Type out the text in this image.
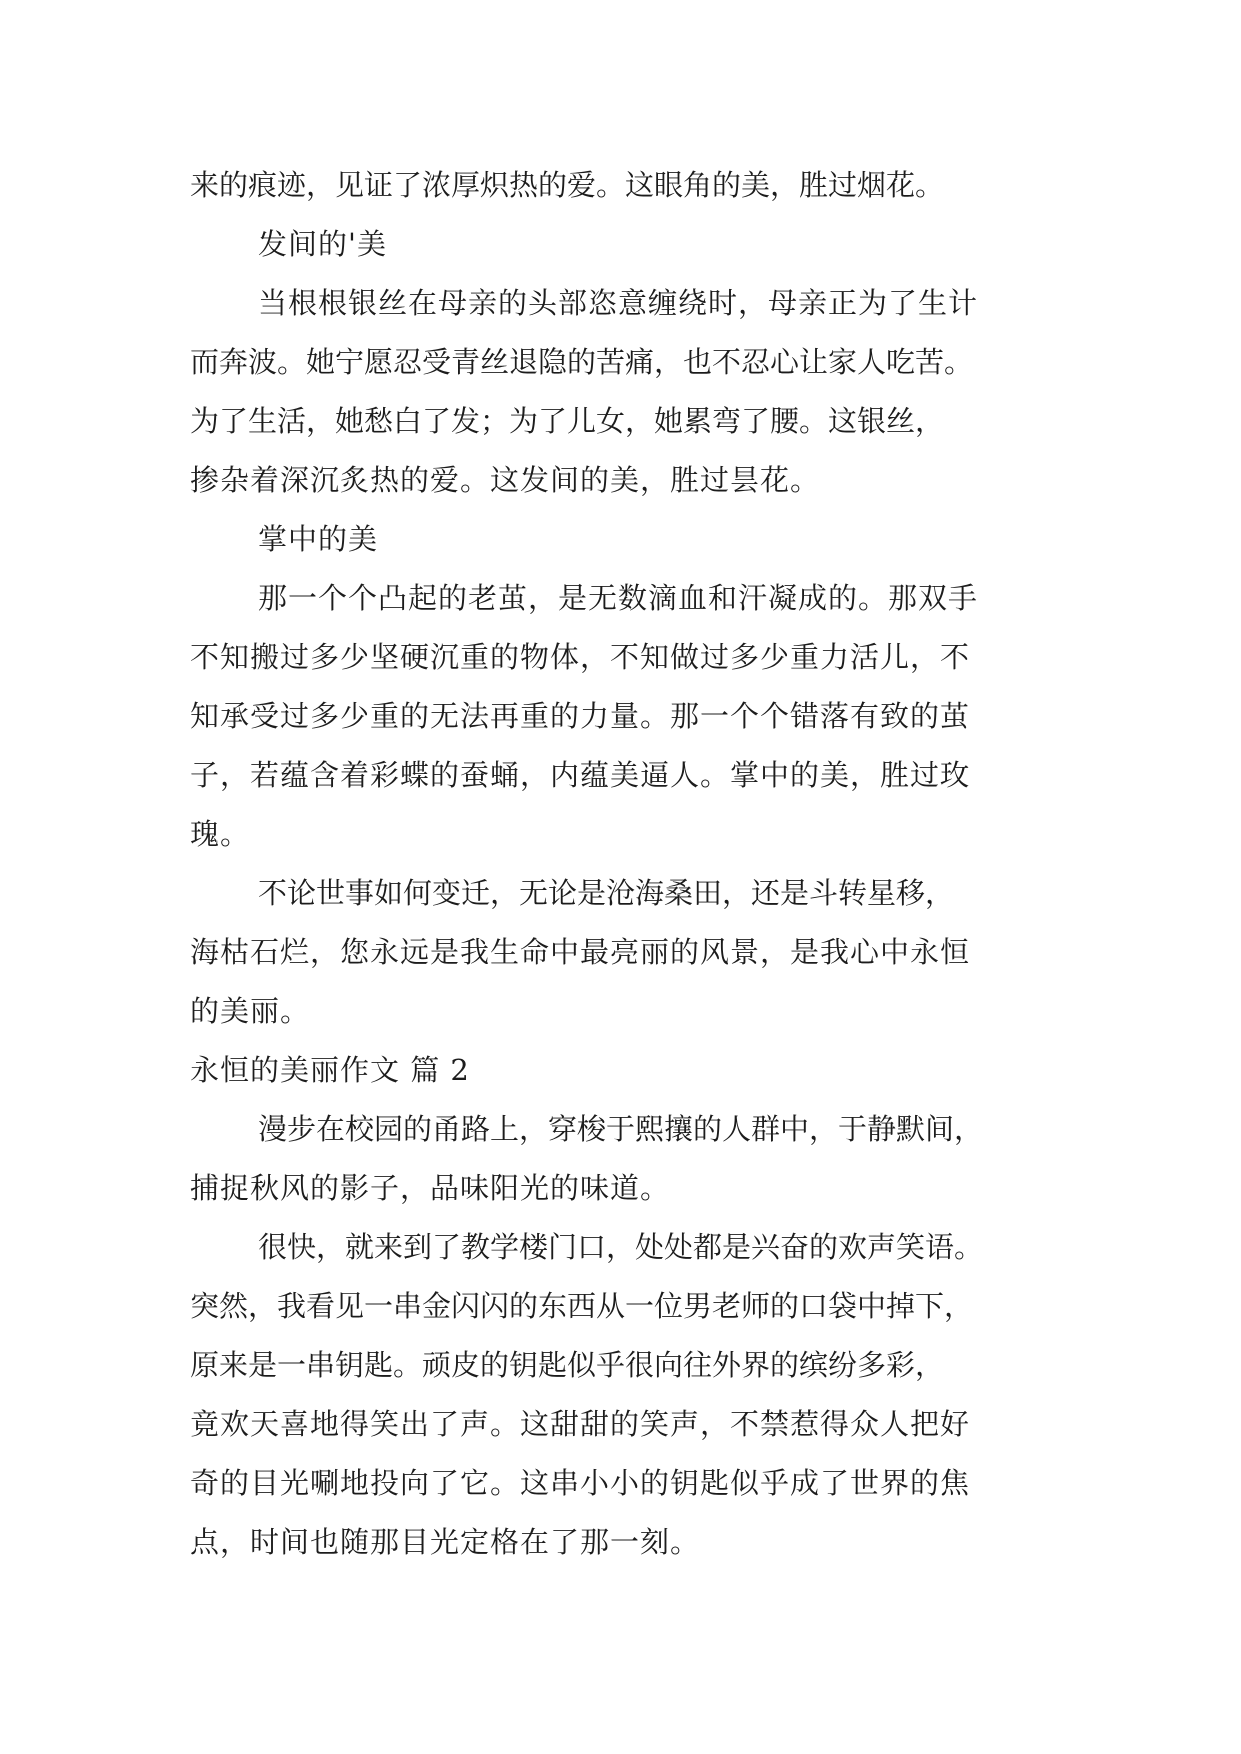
来的痕迹，见证了浓厚炽热的爱。这眼角的美，胜过烟花。
发间的'美
当根根银丝在母亲的头部恣意缠绕时，母亲正为了生计
而奔波。她宁愿忍受青丝退隐的苦痛，也不忍心让家人吃苦。
为了生活，她愁白了发；为了儿女，她累弯了腰。这银丝，
掺杂着深沉炙热的爱。这发间的美，胜过昙花。
掌中的美
那一个个凸起的老茧，是无数滴血和汗凝成的。那双手
不知搬过多少坚硬沉重的物体，不知做过多少重力活儿，不
知承受过多少重的无法再重的力量。那一个个错落有致的茧
子，若蕴含着彩蝶的蚕蛹，内蕴美逼人。掌中的美，胜过玫
瑰。
不论世事如何变迁，无论是沧海桑田，还是斗转星移，
海枯石烂，您永远是我生命中最亮丽的风景，是我心中永恒
的美丽。
永恒的美丽作文 篇 2
漫步在校园的甬路上，穿梭于熙攘的人群中，于静默间，
捕捉秋风的影子，品味阳光的味道。
很快，就来到了教学楼门口，处处都是兴奋的欢声笑语。
突然，我看见一串金闪闪的东西从一位男老师的口袋中掉下，
原来是一串钥匙。顽皮的钥匙似乎很向往外界的缤纷多彩，
竟欢天喜地得笑出了声。这甜甜的笑声，不禁惹得众人把好
奇的目光唰地投向了它。这串小小的钥匙似乎成了世界的焦
点，时间也随那目光定格在了那一刻。
